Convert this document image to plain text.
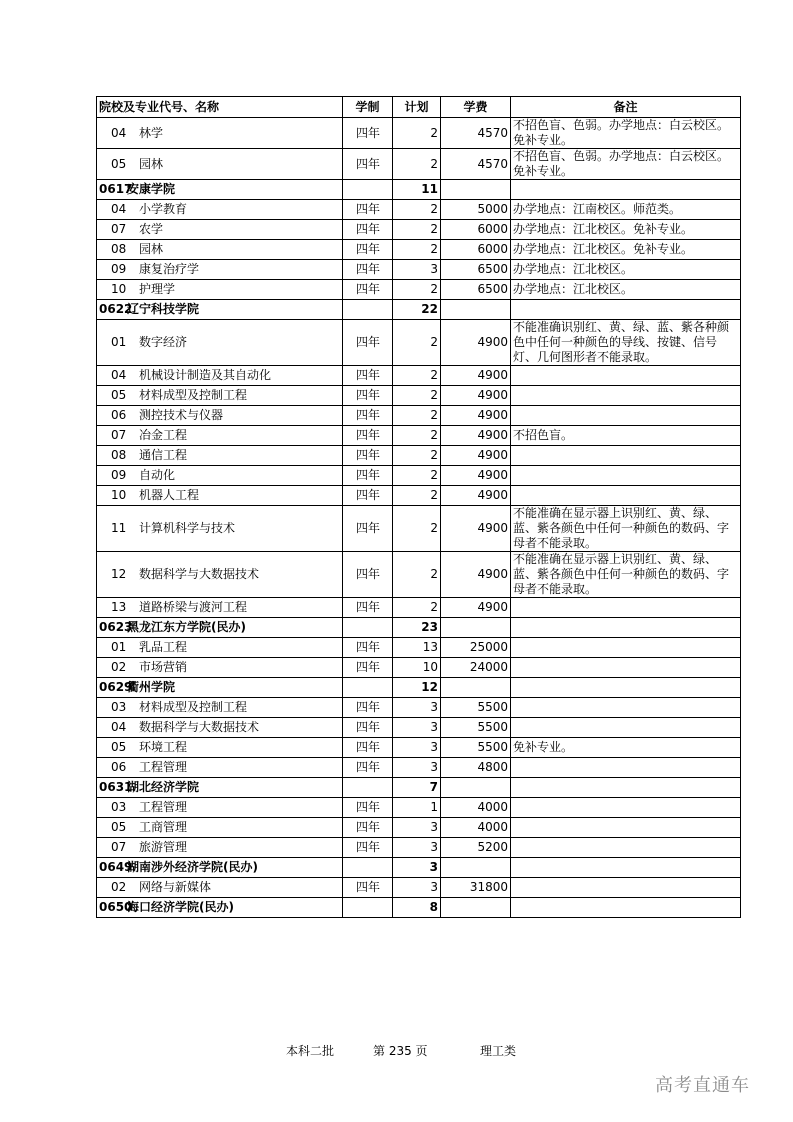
院校及专业代号、名称	学制	计划	学费	备注
04 林学	四年	2	4570	不招色盲、色弱。办学地点：白云校区。免补专业。
05 园林	四年	2	4570	不招色盲、色弱。办学地点：白云校区。免补专业。
0617安康学院		11		
04 小学教育	四年	2	5000	办学地点：江南校区。师范类。
07 农学	四年	2	6000	办学地点：江北校区。免补专业。
08 园林	四年	2	6000	办学地点：江北校区。免补专业。
09 康复治疗学	四年	3	6500	办学地点：江北校区。
10 护理学	四年	2	6500	办学地点：江北校区。
0622辽宁科技学院		22		
01 数字经济	四年	2	4900	不能准确识别红、黄、绿、蓝、紫各种颜色中任何一种颜色的导线、按键、信号灯、几何图形者不能录取。
04 机械设计制造及其自动化	四年	2	4900	
05 材料成型及控制工程	四年	2	4900	
06 测控技术与仪器	四年	2	4900	
07 冶金工程	四年	2	4900	不招色盲。
08 通信工程	四年	2	4900	
09 自动化	四年	2	4900	
10 机器人工程	四年	2	4900	
11 计算机科学与技术	四年	2	4900	不能准确在显示器上识别红、黄、绿、蓝、紫各颜色中任何一种颜色的数码、字母者不能录取。
12 数据科学与大数据技术	四年	2	4900	不能准确在显示器上识别红、黄、绿、蓝、紫各颜色中任何一种颜色的数码、字母者不能录取。
13 道路桥梁与渡河工程	四年	2	4900	
0623黑龙江东方学院(民办)		23		
01 乳品工程	四年	13	25000	
02 市场营销	四年	10	24000	
0629衢州学院		12		
03 材料成型及控制工程	四年	3	5500	
04 数据科学与大数据技术	四年	3	5500	
05 环境工程	四年	3	5500	免补专业。
06 工程管理	四年	3	4800	
0631湖北经济学院		7		
03 工程管理	四年	1	4000	
05 工商管理	四年	3	4000	
07 旅游管理	四年	3	5200	
0649湖南涉外经济学院(民办)		3		
02 网络与新媒体	四年	3	31800	
0650海口经济学院(民办)		8		
本科二批	第 235 页	理工类
高考直通车
